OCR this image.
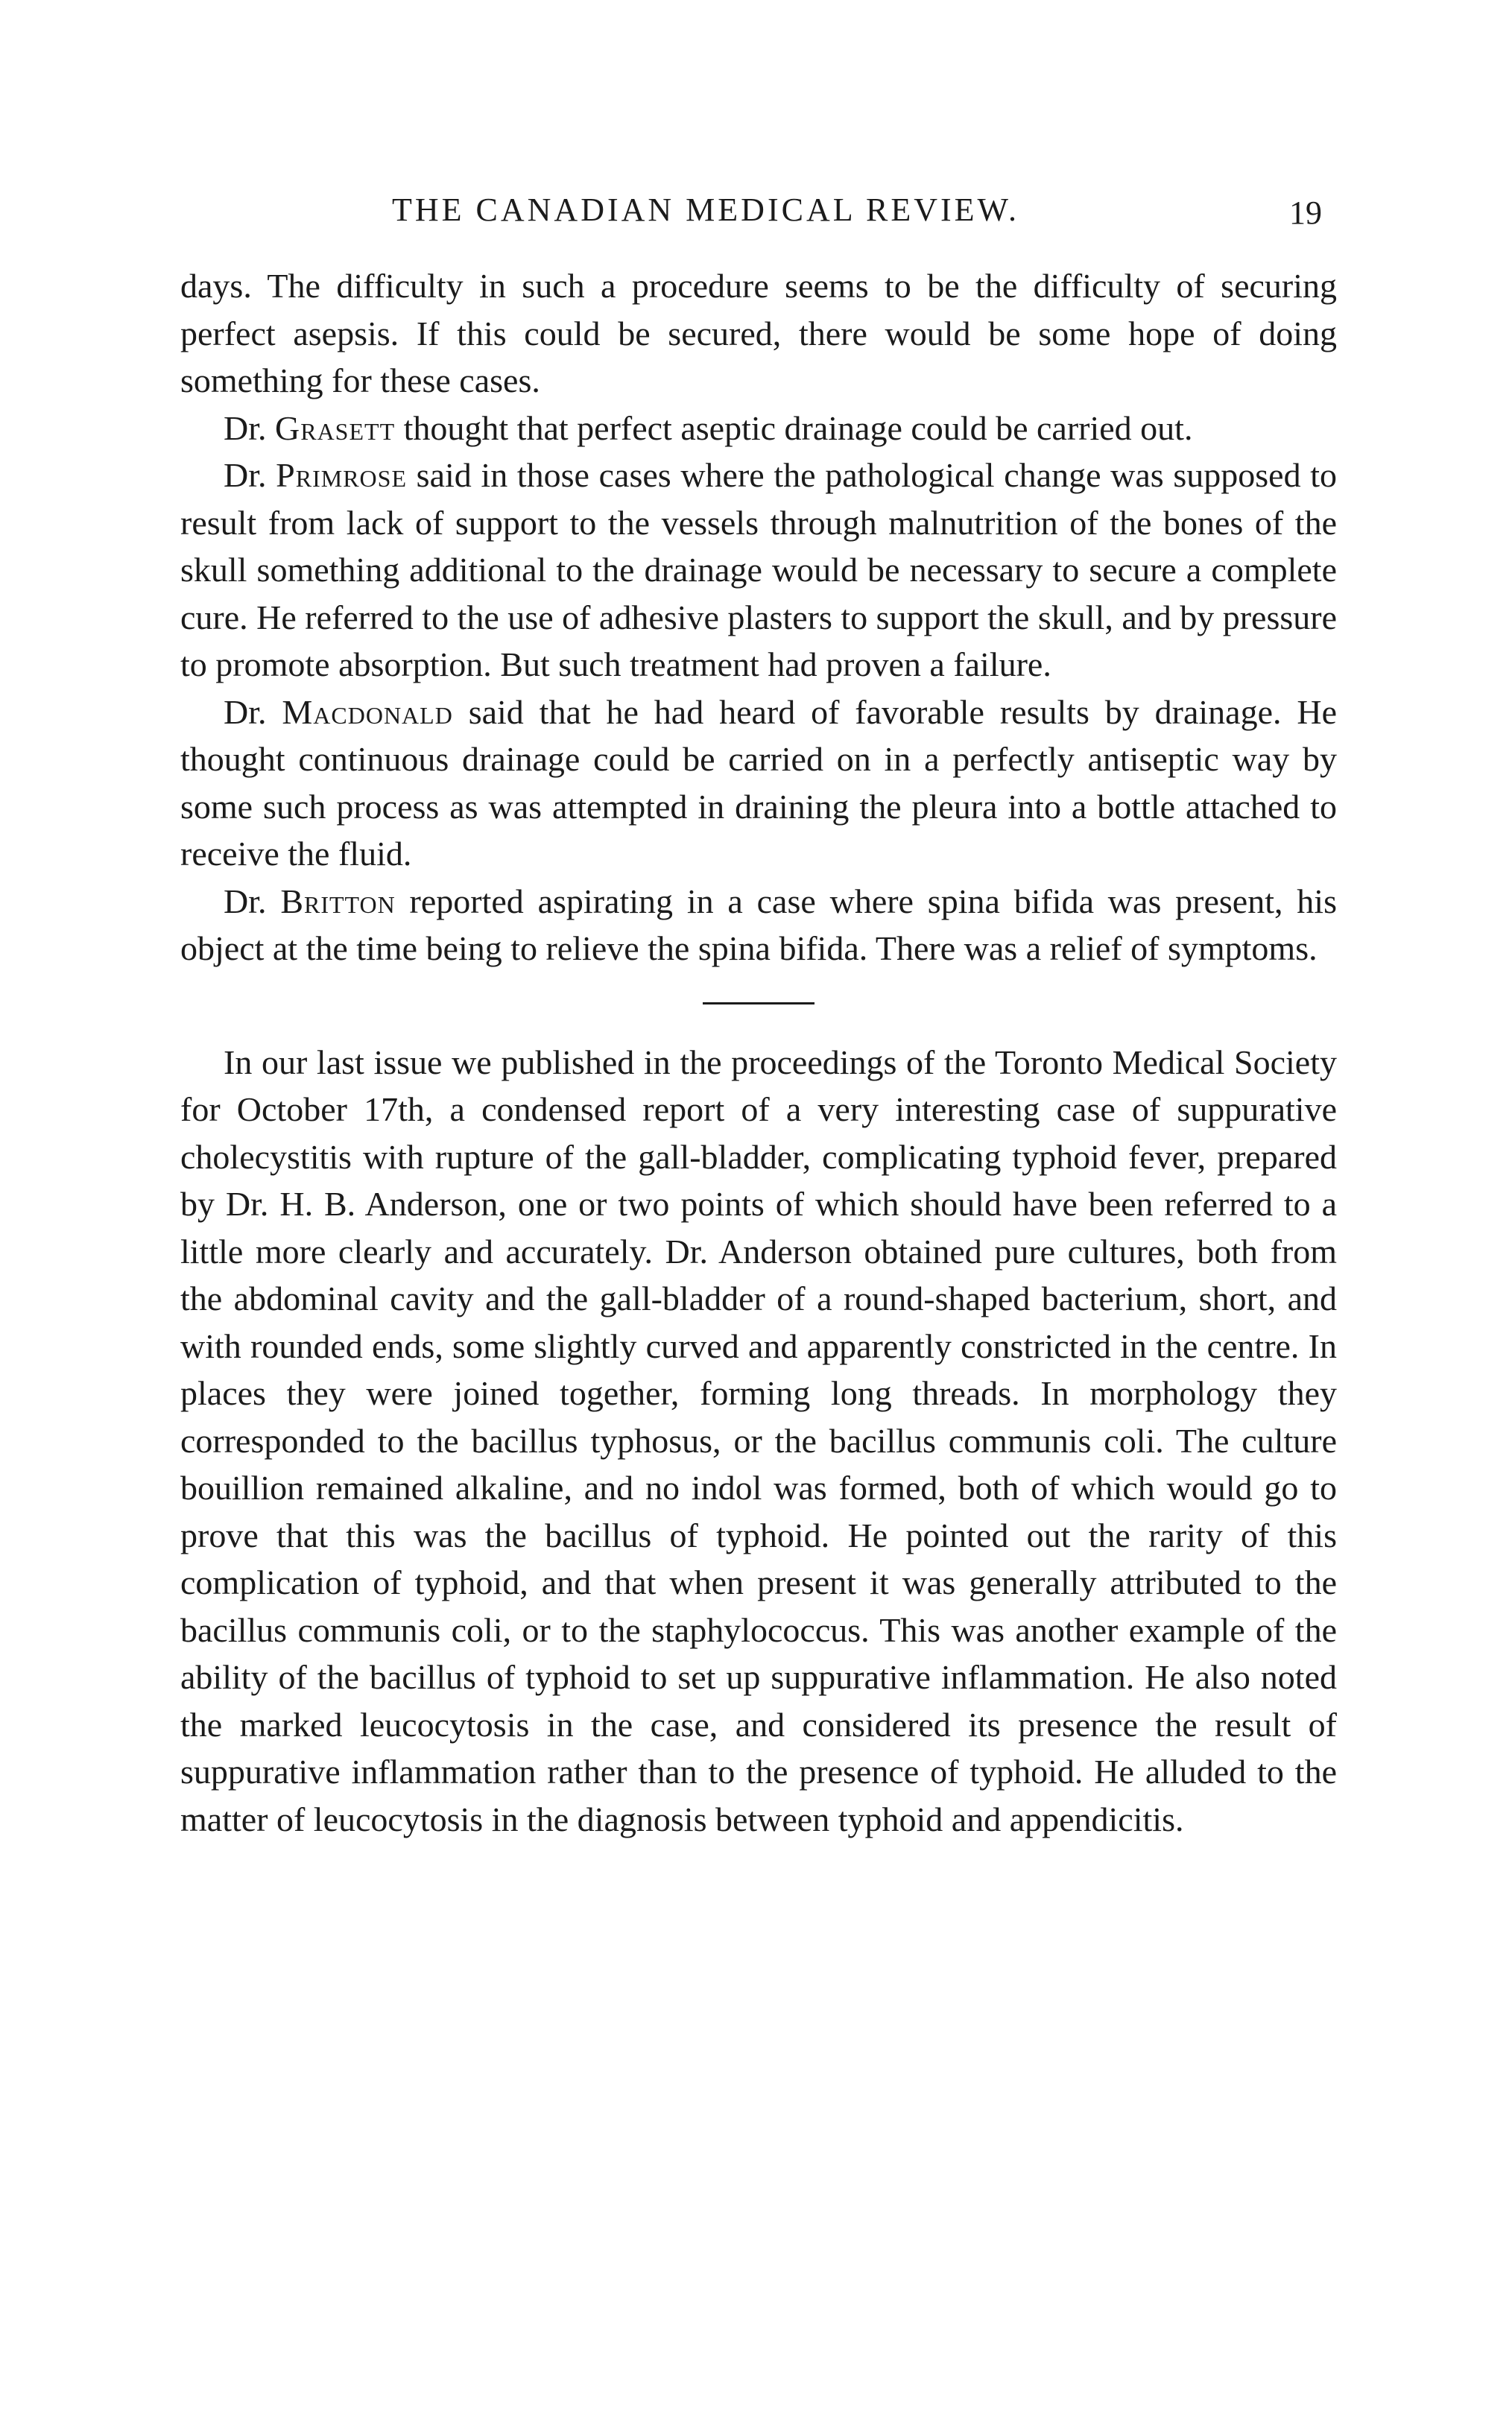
THE CANADIAN MEDICAL REVIEW.	19

days. The difficulty in such a procedure seems to be the difficulty of securing perfect asepsis. If this could be secured, there would be some hope of doing something for these cases.

Dr. Grasett thought that perfect aseptic drainage could be carried out.

Dr. Primrose said in those cases where the pathological change was supposed to result from lack of support to the vessels through malnutrition of the bones of the skull something additional to the drainage would be necessary to secure a complete cure. He referred to the use of adhesive plasters to support the skull, and by pressure to promote absorption. But such treatment had proven a failure.

Dr. Macdonald said that he had heard of favorable results by drainage. He thought continuous drainage could be carried on in a perfectly antiseptic way by some such process as was attempted in draining the pleura into a bottle attached to receive the fluid.

Dr. Britton reported aspirating in a case where spina bifida was present, his object at the time being to relieve the spina bifida. There was a relief of symptoms.

In our last issue we published in the proceedings of the Toronto Medical Society for October 17th, a condensed report of a very interesting case of suppurative cholecystitis with rupture of the gall-bladder, complicating typhoid fever, prepared by Dr. H. B. Anderson, one or two points of which should have been referred to a little more clearly and accurately. Dr. Anderson obtained pure cultures, both from the abdominal cavity and the gall-bladder of a round-shaped bacterium, short, and with rounded ends, some slightly curved and apparently constricted in the centre. In places they were joined together, forming long threads. In morphology they corresponded to the bacillus typhosus, or the bacillus communis coli. The culture bouillion remained alkaline, and no indol was formed, both of which would go to prove that this was the bacillus of typhoid. He pointed out the rarity of this complication of typhoid, and that when present it was generally attributed to the bacillus communis coli, or to the staphylococcus. This was another example of the ability of the bacillus of typhoid to set up suppurative inflammation. He also noted the marked leucocytosis in the case, and considered its presence the result of suppurative inflammation rather than to the presence of typhoid. He alluded to the matter of leucocytosis in the diagnosis between typhoid and appendicitis.
